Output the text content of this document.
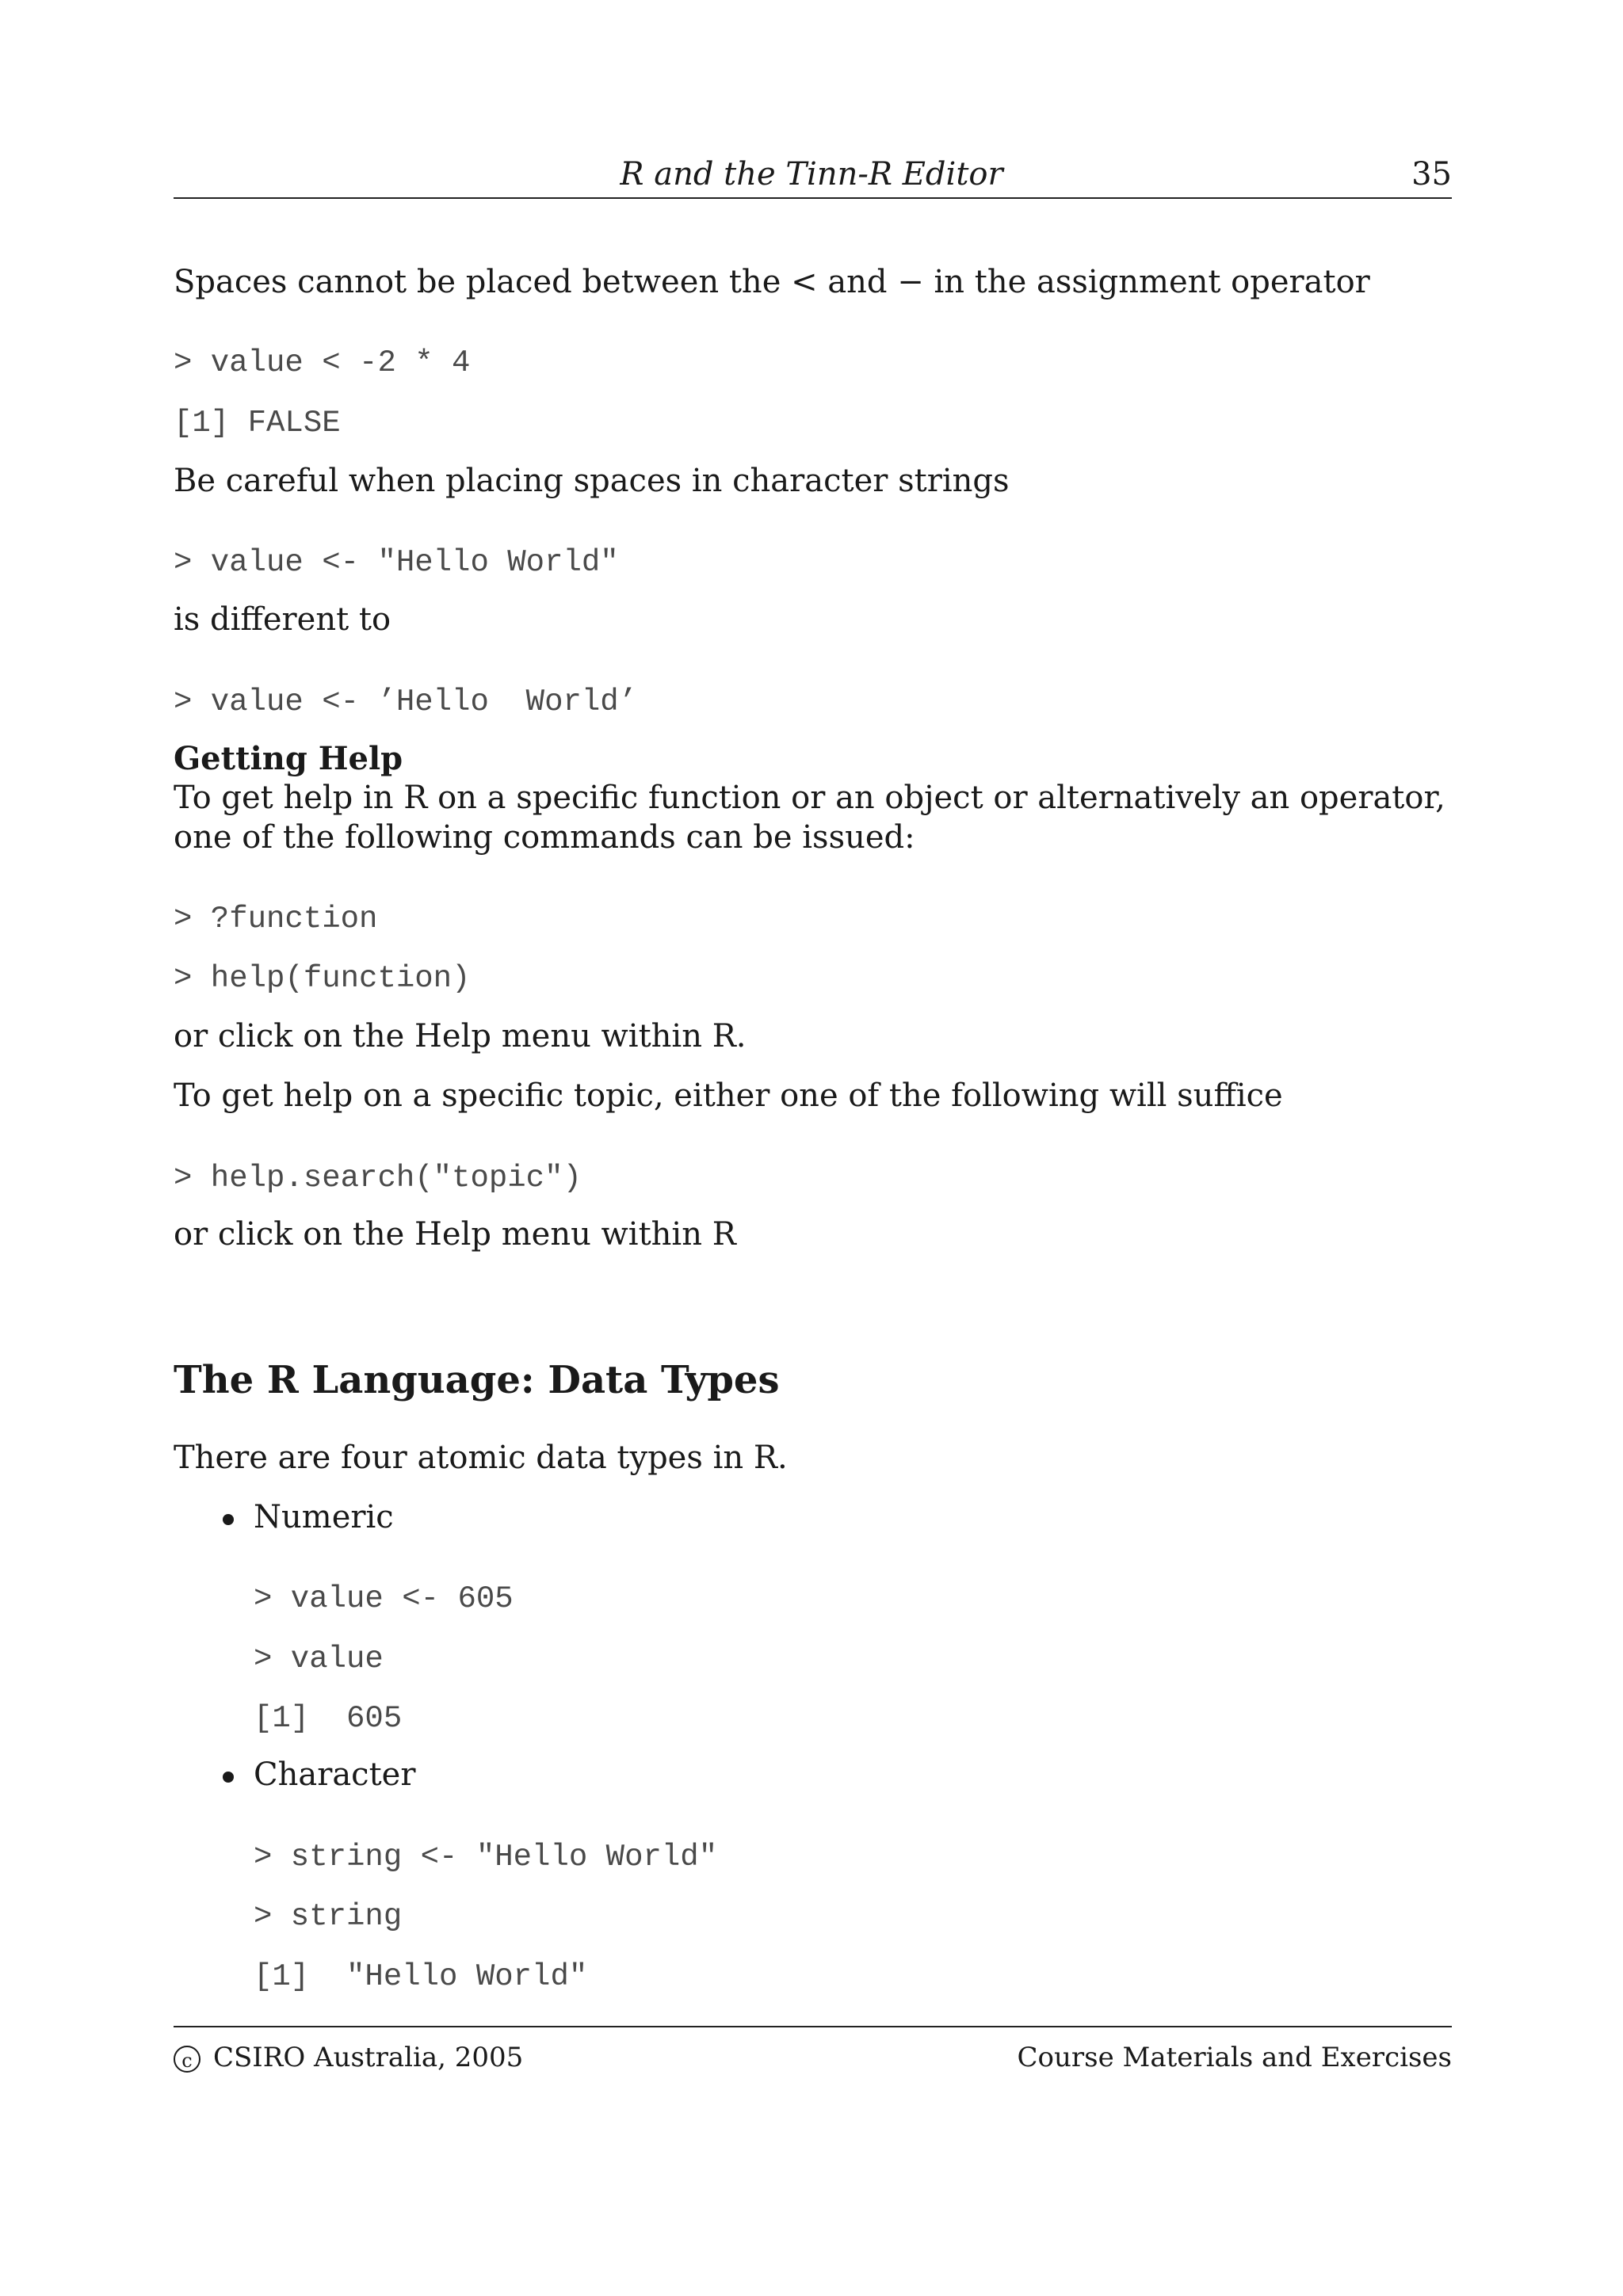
R and the Tinn-R Editor	35
Spaces cannot be placed between the < and − in the assignment operator
> value < -2 * 4
[1] FALSE
Be careful when placing spaces in character strings
> value <- "Hello World"
is different to
> value <- ’Hello  World’
Getting Help
To get help in R on a specific function or an object or alternatively an operator, one of the following commands can be issued:
> ?function
> help(function)
or click on the Help menu within R.
To get help on a specific topic, either one of the following will suffice
> help.search("topic")
or click on the Help menu within R
The R Language: Data Types
There are four atomic data types in R.
Numeric
> value <- 605
> value
[1]  605
Character
> string <- "Hello World"
> string
[1]  "Hello World"
c CSIRO Australia, 2005	Course Materials and Exercises
